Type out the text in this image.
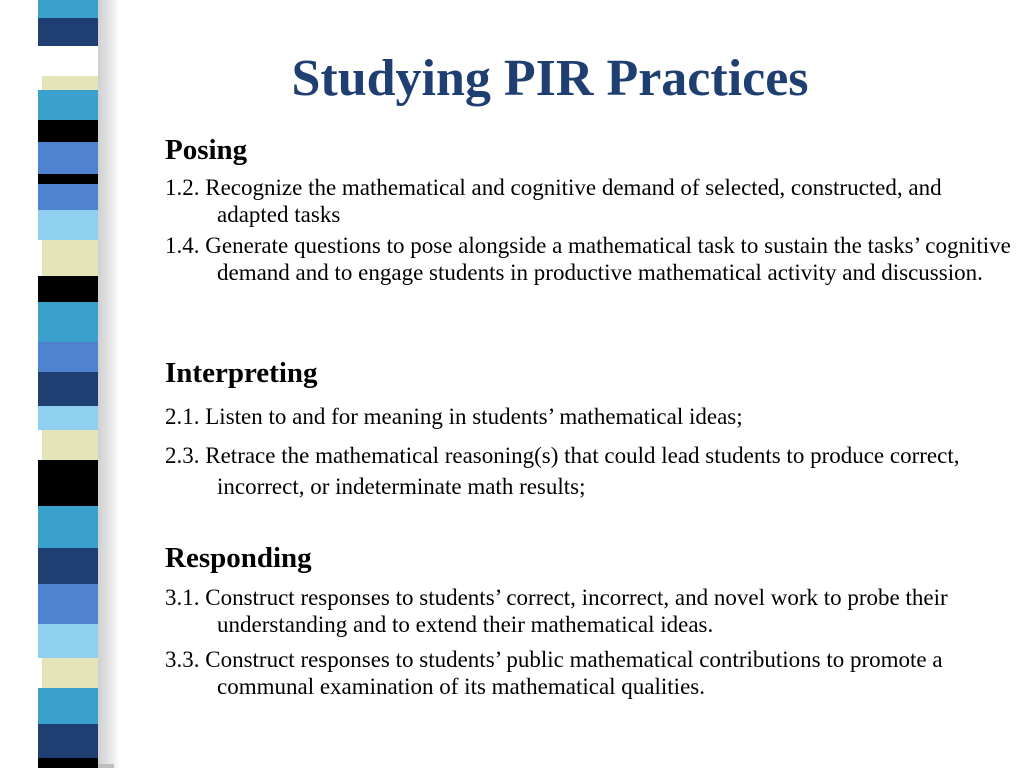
Studying PIR Practices
Posing
1.2. Recognize the mathematical and cognitive demand of selected, constructed, and adapted tasks
1.4. Generate questions to pose alongside a mathematical task to sustain the tasks’ cognitive demand and to engage students in productive mathematical activity and discussion.
Interpreting
2.1. Listen to and for meaning in students’ mathematical ideas;
2.3. Retrace the mathematical reasoning(s) that could lead students to produce correct, incorrect, or indeterminate math results;
Responding
3.1. Construct responses to students’ correct, incorrect, and novel work to probe their understanding and to extend their mathematical ideas.
3.3. Construct responses to students’ public mathematical contributions to promote a communal examination of its mathematical qualities.
